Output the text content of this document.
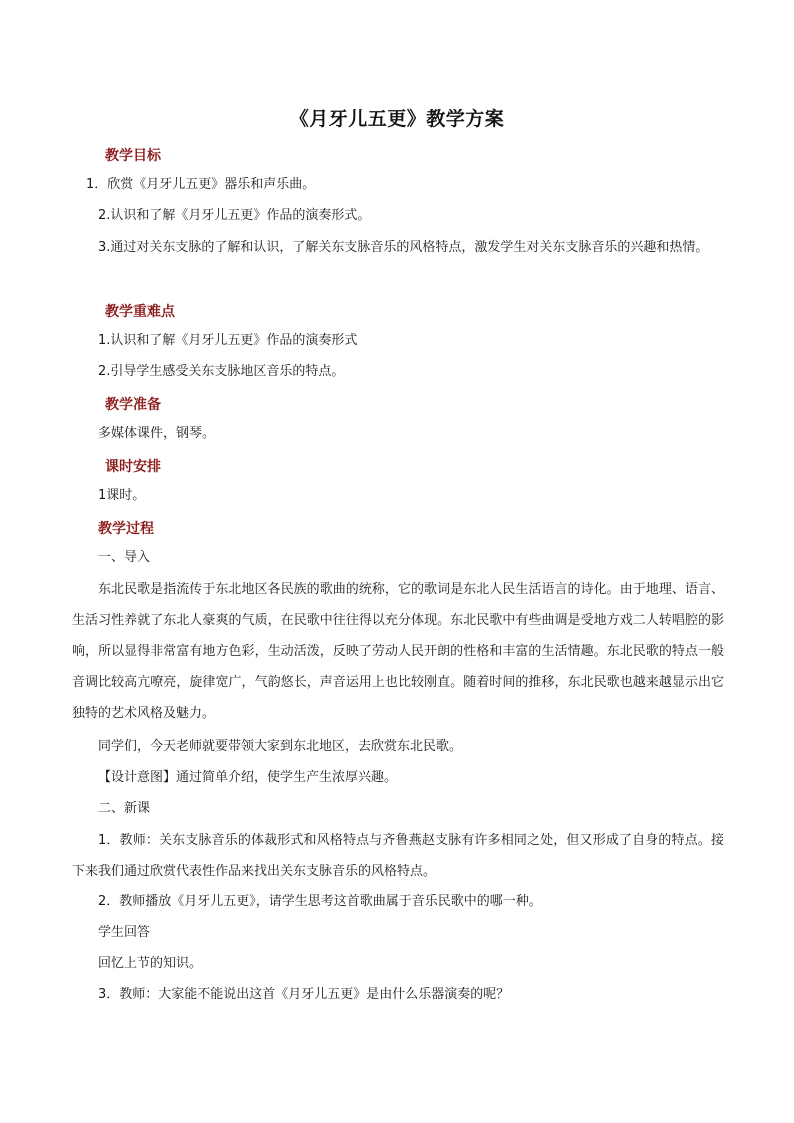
《月牙儿五更》教学方案
教学目标
1．欣赏《月牙儿五更》器乐和声乐曲。
2.认识和了解《月牙儿五更》作品的演奏形式。

3.通过对关东支脉的了解和认识，了解关东支脉音乐的风格特点，激发学生对关东支脉音乐的兴趣和热情。

教学重难点
1.认识和了解《月牙儿五更》作品的演奏形式
2.引导学生感受关东支脉地区音乐的特点。
教学准备
多媒体课件，钢琴。
课时安排
1课时。
教学过程
一、导入

东北民歌是指流传于东北地区各民族的歌曲的统称，它的歌词是东北人民生活语言的诗化。由于地理、语言、生活习性养就了东北人豪爽的气质，在民歌中往往得以充分体现。东北民歌中有些曲调是受地方戏二人转唱腔的影响，所以显得非常富有地方色彩，生动活泼，反映了劳动人民开朗的性格和丰富的生活情趣。东北民歌的特点一般音调比较高亢嘹亮，旋律宽广，气韵悠长，声音运用上也比较刚直。随着时间的推移，东北民歌也越来越显示出它独特的艺术风格及魅力。

同学们，今天老师就要带领大家到东北地区，去欣赏东北民歌。
【设计意图】通过简单介绍，使学生产生浓厚兴趣。
二、新课

1．教师：关东支脉音乐的体裁形式和风格特点与齐鲁燕赵支脉有许多相同之处，但又形成了自身的特点。接下来我们通过欣赏代表性作品来找出关东支脉音乐的风格特点。

2．教师播放《月牙儿五更》，请学生思考这首歌曲属于音乐民歌中的哪一种。
学生回答
回忆上节的知识。
3．教师：大家能不能说出这首《月牙儿五更》是由什么乐器演奏的呢？
